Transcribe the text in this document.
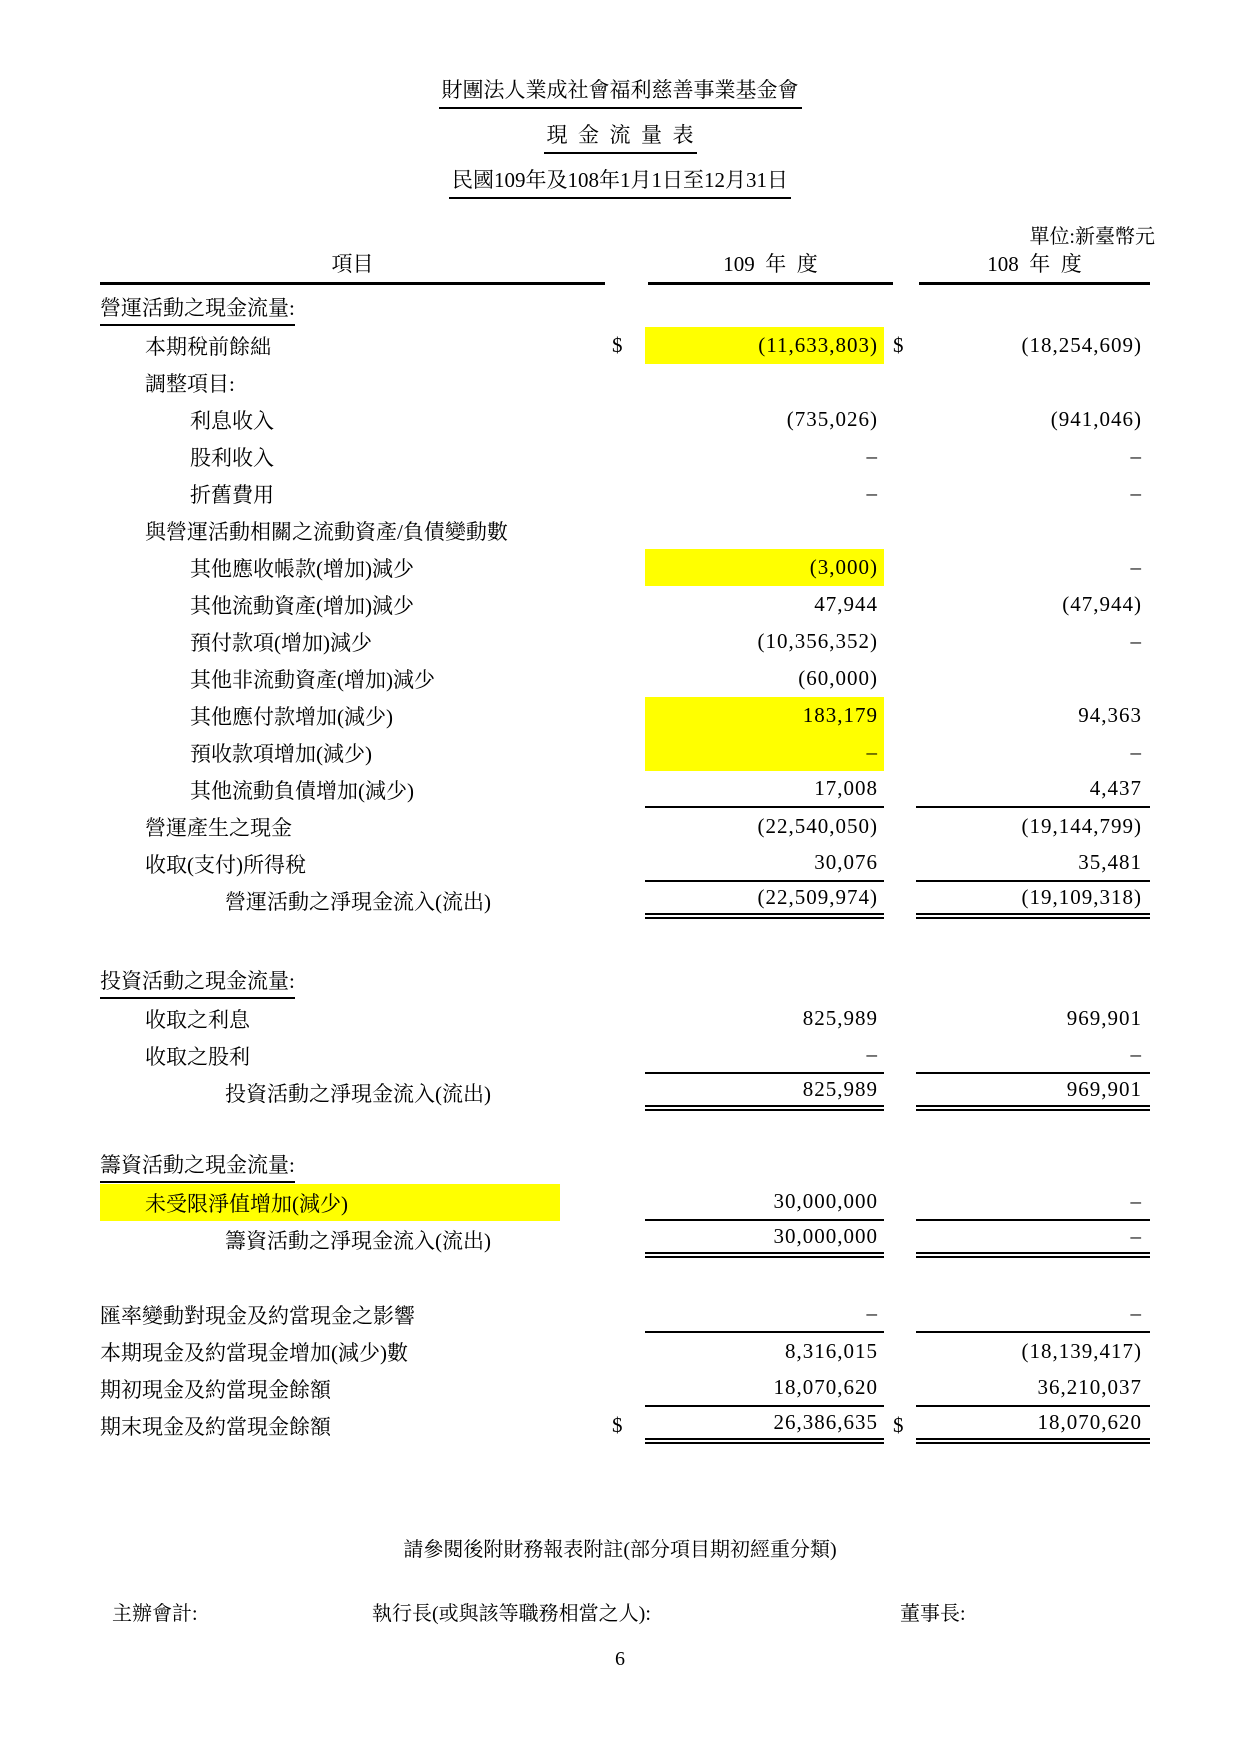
財團法人業成社會福利慈善事業基金會
現  金  流  量  表
民國109年及108年1月1日至12月31日
單位:新臺幣元
項目	109  年  度	108  年  度
營運活動之現金流量:
本期稅前餘絀	$	(11,633,803) $	(18,254,609)
調整項目:
利息收入	(735,026)	(941,046)
股利收入	–	–
折舊費用	–	–
與營運活動相關之流動資產/負債變動數
其他應收帳款(增加)減少	(3,000)	–
其他流動資產(增加)減少	47,944	(47,944)
預付款項(增加)減少	(10,356,352)	–
其他非流動資產(增加)減少	(60,000)
其他應付款增加(減少)	183,179	94,363
預收款項增加(減少)	–	–
其他流動負債增加(減少)	17,008	4,437
營運產生之現金	(22,540,050)	(19,144,799)
收取(支付)所得稅	30,076	35,481
營運活動之淨現金流入(流出)	(22,509,974)	(19,109,318)
投資活動之現金流量:
收取之利息	825,989	969,901
收取之股利	–	–
投資活動之淨現金流入(流出)	825,989	969,901
籌資活動之現金流量:
未受限淨值增加(減少)	30,000,000	–
籌資活動之淨現金流入(流出)	30,000,000	–
匯率變動對現金及約當現金之影響	–	–
本期現金及約當現金增加(減少)數	8,316,015	(18,139,417)
期初現金及約當現金餘額	18,070,620	36,210,037
期末現金及約當現金餘額	$	26,386,635 $	18,070,620
請參閱後附財務報表附註(部分項目期初經重分類)
主辦會計:	執行長(或與該等職務相當之人):	董事長:
6
